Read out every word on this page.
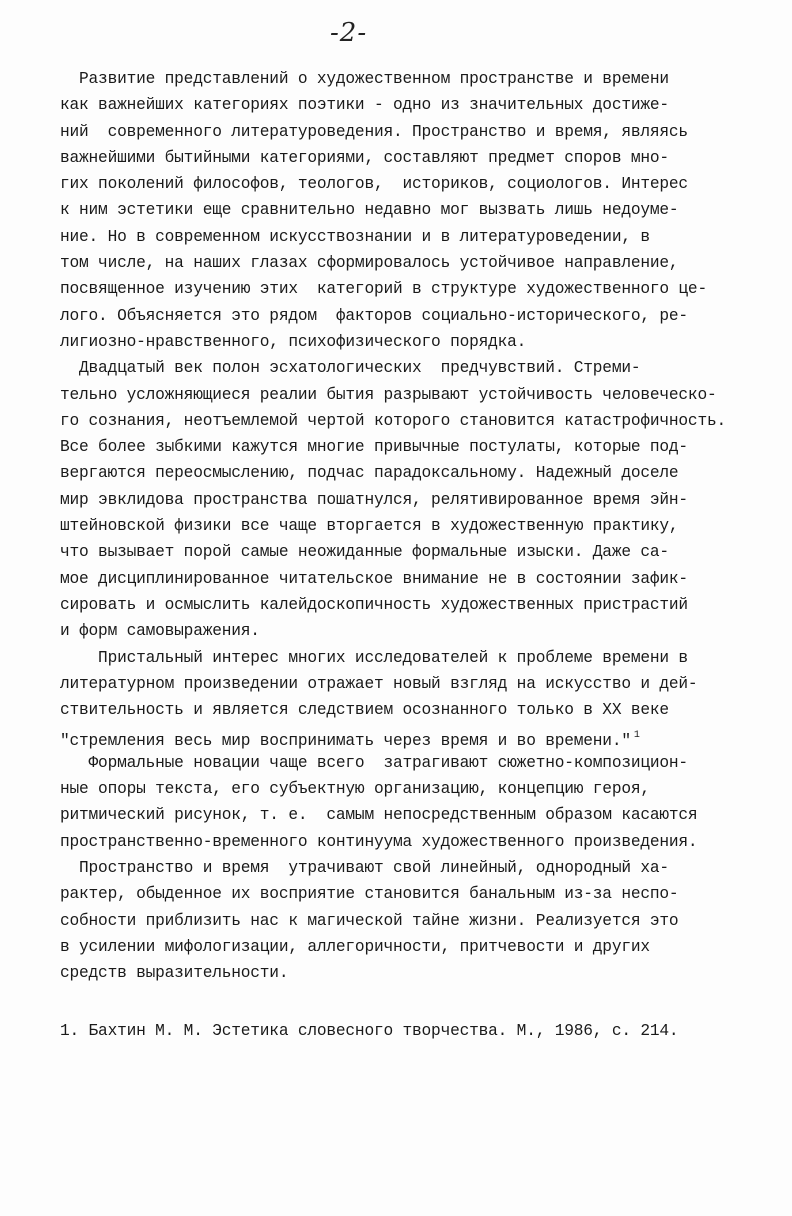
-2-
Развитие представлений о художественном пространстве и времени
как важнейших категориях поэтики - одно из значительных достиже-
ний  современного литературоведения. Пространство и время, являясь
важнейшими бытийными категориями, составляют предмет споров мно-
гих поколений философов, теологов,  историков, социологов. Интерес
к ним эстетики еще сравнительно недавно мог вызвать лишь недоуме-
ние. Но в современном искусствознании и в литературоведении, в
том числе, на наших глазах сформировалось устойчивое направление,
посвященное изучению этих  категорий в структуре художественного це-
лого. Объясняется это рядом  факторов социально-исторического, ре-
лигиозно-нравственного, психофизического порядка.
Двадцатый век полон эсхатологических  предчувствий. Стреми-
тельно усложняющиеся реалии бытия разрывают устойчивость человеческо-
го сознания, неотъемлемой чертой которого становится катастрофичность.
Все более зыбкими кажутся многие привычные постулаты, которые под-
вергаются переосмыслению, подчас парадоксальному. Надежный доселе
мир эвклидова пространства пошатнулся, релятивированное время эйн-
штейновской физики все чаще вторгается в художественную практику,
что вызывает порой самые неожиданные формальные изыски. Даже са-
мое дисциплинированное читательское внимание не в состоянии зафик-
сировать и осмыслить калейдоскопичность художественных пристрастий
и форм самовыражения.
Пристальный интерес многих исследователей к проблеме времени в
литературном произведении отражает новый взгляд на искусство и дей-
ствительность и является следствием осознанного только в XX веке
"стремления весь мир воспринимать через время и во времени." $^1$
Формальные новации чаще всего  затрагивают сюжетно-композицион-
ные опоры текста, его субъектную организацию, концепцию героя,
ритмический рисунок, т. е.  самым непосредственным образом касаются
пространственно-временного континуума художественного произведения.
Пространство и время  утрачивают свой линейный, однородный ха-
рактер, обыденное их восприятие становится банальным из-за неспо-
собности приблизить нас к магической тайне жизни. Реализуется это
в усилении мифологизации, аллегоричности, притчевости и других
средств выразительности.
1. Бахтин М. М. Эстетика словесного творчества. М., 1986, с. 214.
